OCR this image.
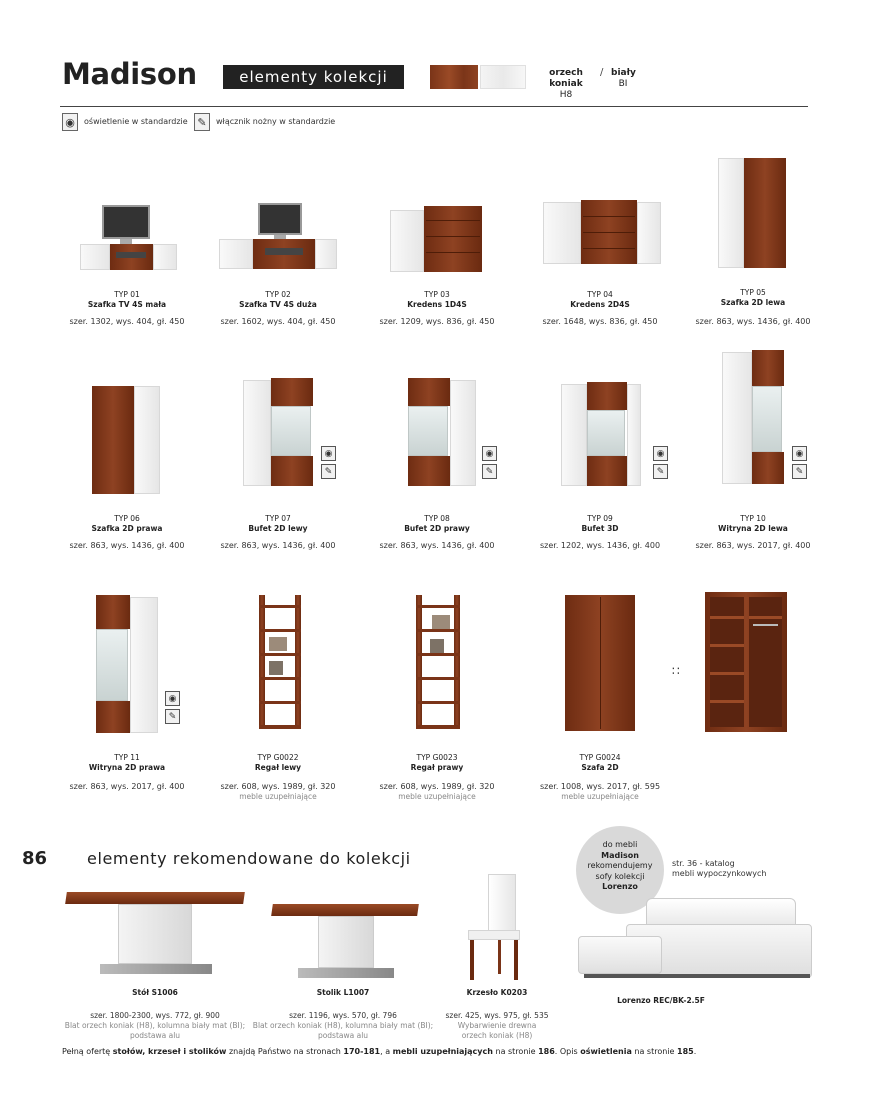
Madison	elementy kolekcji	orzech koniak
H8
/ biały
BI
◉	oświetlenie w standardzie ✎	włącznik nożny w standardzie
TYP 01
Szafka TV 4S mała
szer. 1302, wys. 404, gł. 450
TYP 02
Szafka TV 4S duża
szer. 1602, wys. 404, gł. 450
TYP 03
Kredens 1D4S
szer. 1209, wys. 836, gł. 450
TYP 04
Kredens 2D4S
szer. 1648, wys. 836, gł. 450
TYP 05
Szafka 2D lewa
szer. 863, wys. 1436, gł. 400
TYP 06
Szafka 2D prawa
szer. 863, wys. 1436, gł. 400
◉
✎
TYP 07
Bufet 2D lewy
szer. 863, wys. 1436, gł. 400
◉
✎
TYP 08
Bufet 2D prawy
szer. 863, wys. 1436, gł. 400
◉
✎
TYP 09
Bufet 3D
szer. 1202, wys. 1436, gł. 400
◉
✎
TYP 10
Witryna 2D lewa
szer. 863, wys. 2017, gł. 400
◉
✎
TYP 11
Witryna 2D prawa
szer. 863, wys. 2017, gł. 400
TYP G0022
Regał lewy
szer. 608, wys. 1989, gł. 320
meble uzupełniające
TYP G0023
Regał prawy
szer. 608, wys. 1989, gł. 320
meble uzupełniające
TYP G0024
Szafa 2D
szer. 1008, wys. 2017, gł. 595
meble uzupełniające
∷
86 elementy rekomendowane do kolekcji
do mebli
Madison
rekomendujemy
sofy kolekcji
Lorenzo
str. 36 - katalog
mebli wypoczynkowych
Stół S1006
szer. 1800-2300, wys. 772, gł. 900
Blat orzech koniak (H8), kolumna biały mat (BI);
podstawa alu
Stolik L1007
szer. 1196, wys. 570, gł. 796
Blat orzech koniak (H8), kolumna biały mat (BI);
podstawa alu
Krzesło K0203
szer. 425, wys. 975, gł. 535
Wybarwienie drewna
orzech koniak (H8)
Lorenzo REC/BK-2.5F
Pełną ofertę stołów, krzeseł i stolików znajdą Państwo na stronach 170-181, a mebli uzupełniających na stronie 186. Opis oświetlenia na stronie 185.
